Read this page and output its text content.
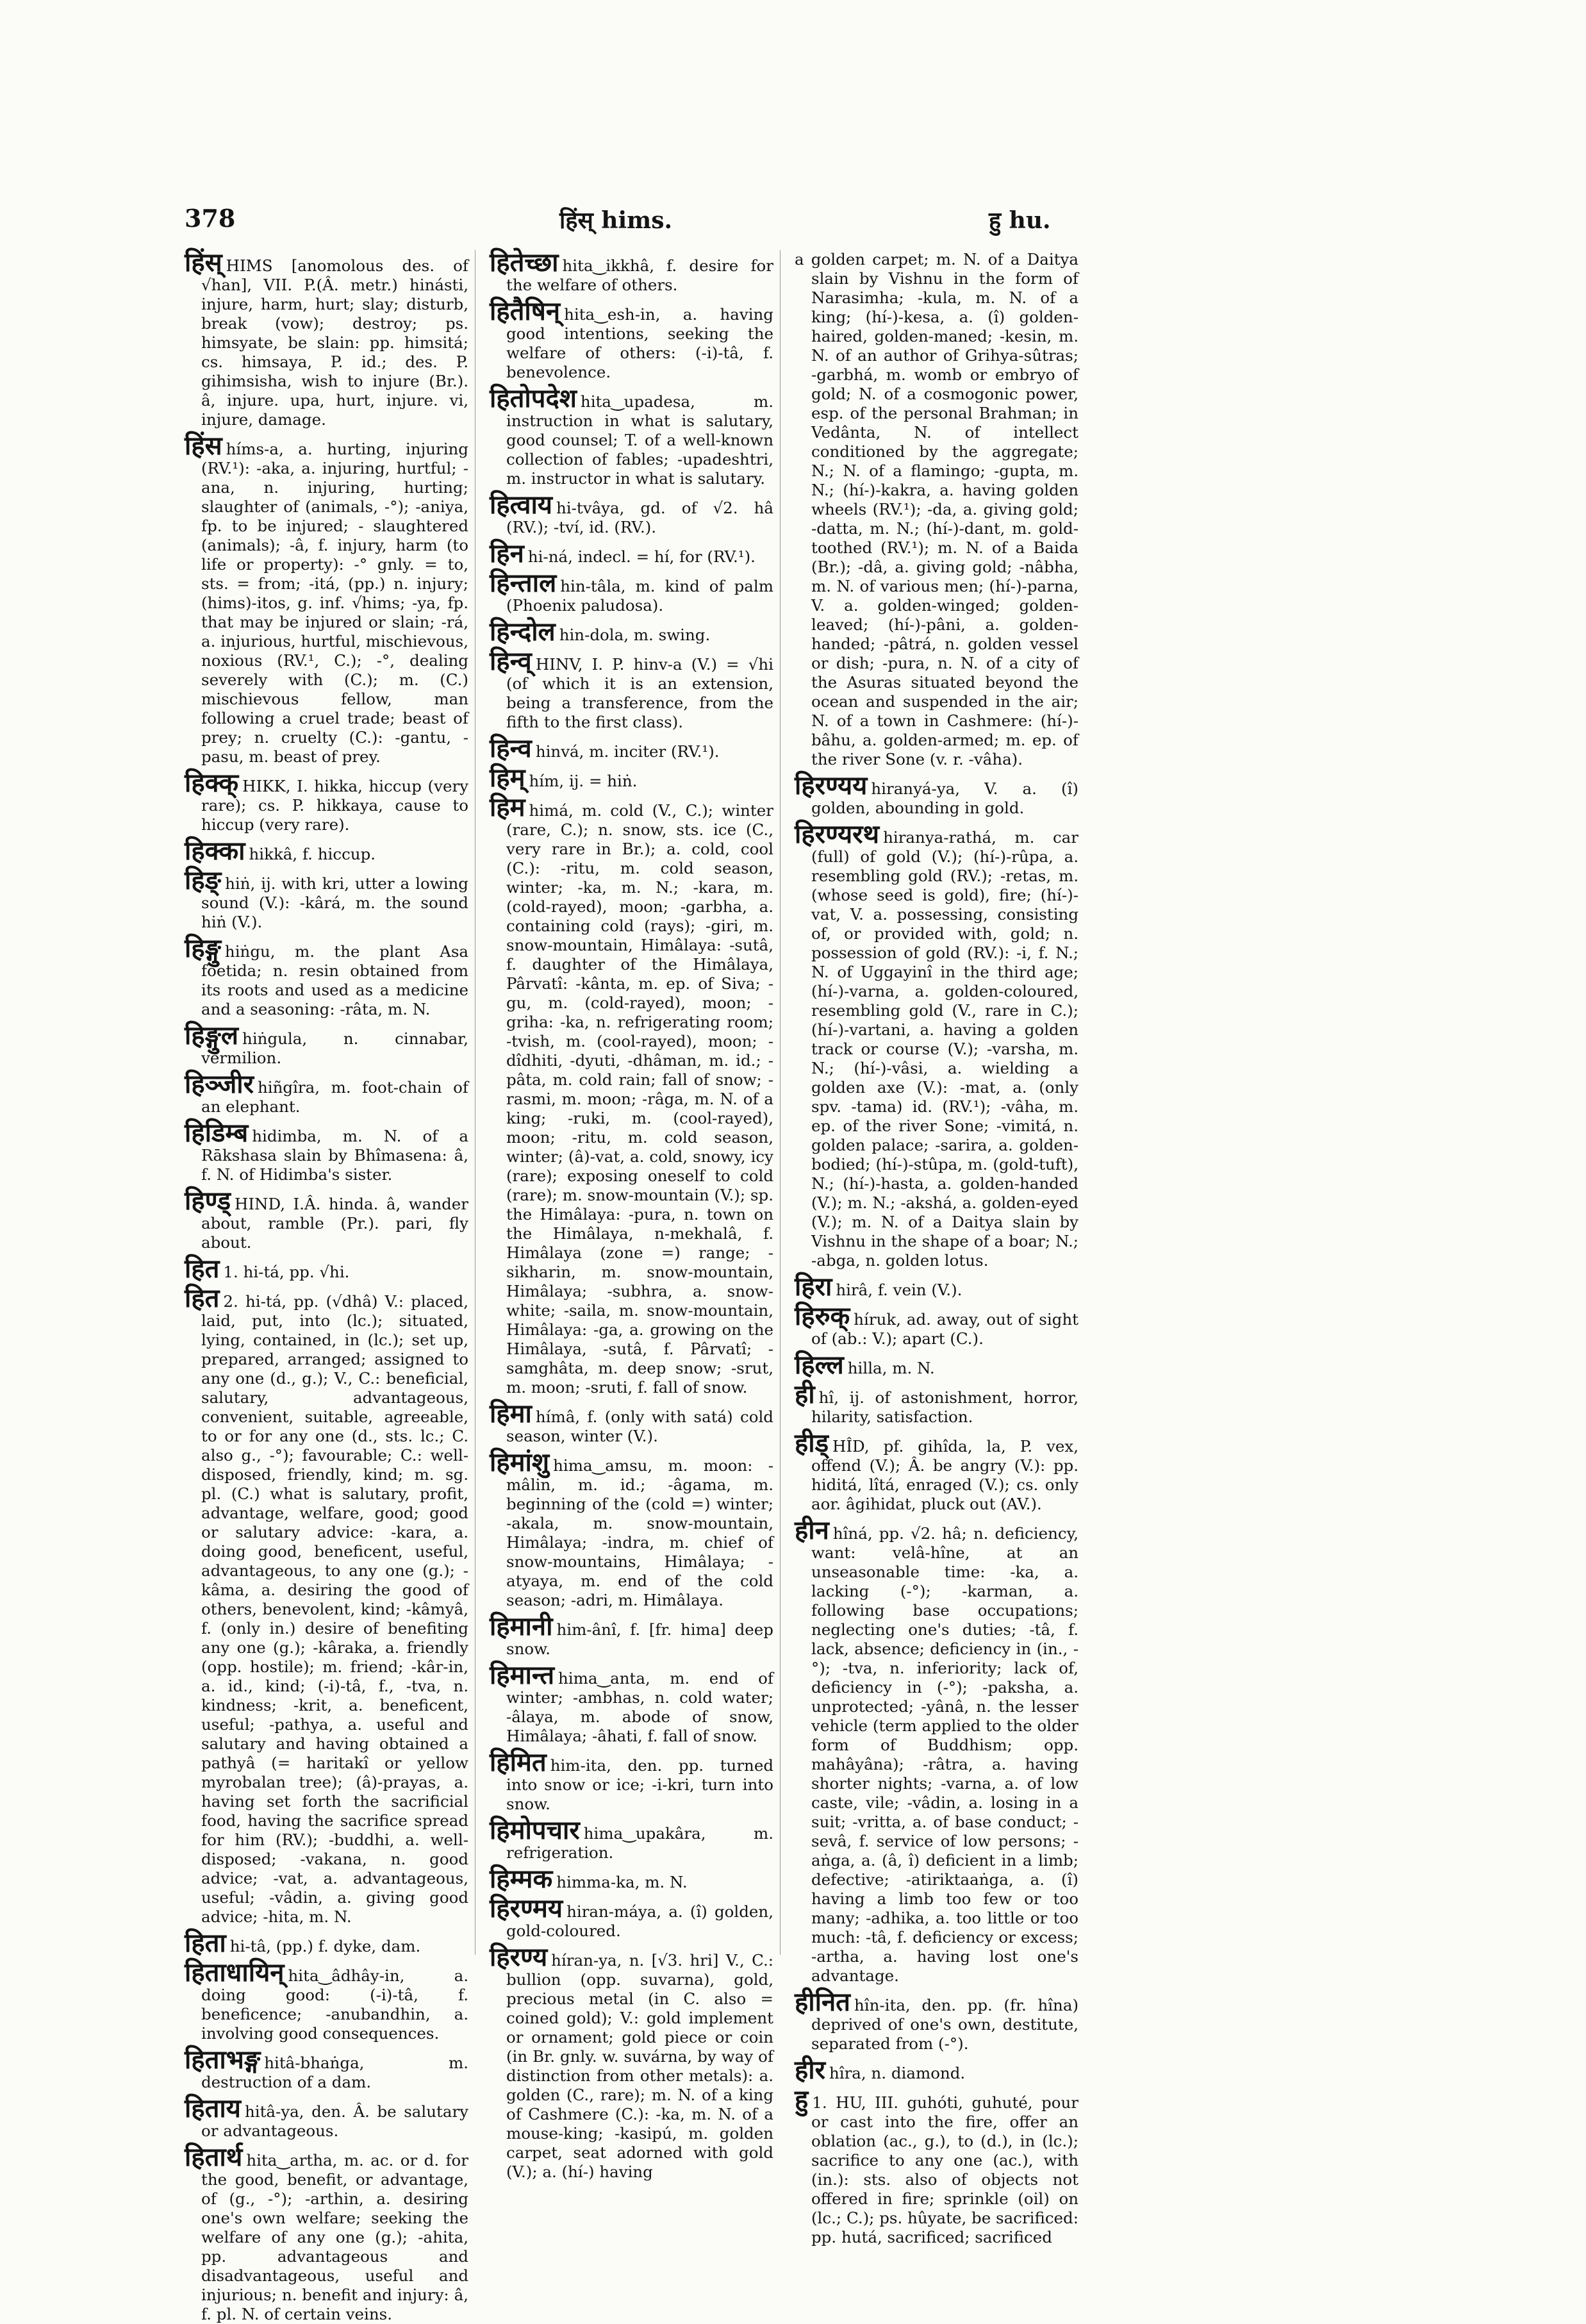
378	हिंस् hims.	हु hu.

हिंस् HIMS [anomolous des. of √han], VII. P.(Â. metr.) hinásti, injure, harm, hurt; slay; disturb, break (vow); destroy; ps. himsyate, be slain: pp. himsitá; cs. himsaya, P. id.; des. P. gihimsisha, wish to injure (Br.). â, injure. upa, hurt, injure. vi, injure, damage.

हिंस híms-a, a. hurting, injuring (RV.¹): -aka, a. injuring, hurtful; -ana, n. injuring, hurting; slaughter of (animals, -°); -aniya, fp. to be injured; - slaughtered (animals); -â, f. injury, harm (to life or property): -° gnly. = to, sts. = from; -itá, (pp.) n. injury; (hims)-itos, g. inf. √hims; -ya, fp. that may be injured or slain; -rá, a. injurious, hurtful, mischievous, noxious (RV.¹, C.); -°, dealing severely with (C.); m. (C.) mischievous fellow, man following a cruel trade; beast of prey; n. cruelty (C.): -gantu, -pasu, m. beast of prey.

हिक्क् HIKK, I. hikka, hiccup (very rare); cs. P. hikkaya, cause to hiccup (very rare).

हिक्का hikkâ, f. hiccup.

हिङ् hiṅ, ij. with kri, utter a lowing sound (V.): -kârá, m. the sound hiṅ (V.).

हिङ्गु hiṅgu, m. the plant Asa foetida; n. resin obtained from its roots and used as a medicine and a seasoning: -râta, m. N.

हिङ्गुल hiṅgula, n. cinnabar, vermilion.

हिञ्जीर hiñgîra, m. foot-chain of an elephant.

हिडिम्ब hidimba, m. N. of a Rākshasa slain by Bhîmasena: â, f. N. of Hidimba's sister.

हिण्ड् HIND, I.Â. hinda. â, wander about, ramble (Pr.). pari, fly about.

हित 1. hi-tá, pp. √hi.

हित 2. hi-tá, pp. (√dhâ) V.: placed, laid, put, into (lc.); situated, lying, contained, in (lc.); set up, prepared, arranged; assigned to any one (d., g.); V., C.: beneficial, salutary, advantageous, convenient, suitable, agreeable, to or for any one (d., sts. lc.; C. also g., -°); favourable; C.: well-disposed, friendly, kind; m. sg. pl. (C.) what is salutary, profit, advantage, welfare, good; good or salutary advice: -kara, a. doing good, beneficent, useful, advantageous, to any one (g.); -kâma, a. desiring the good of others, benevolent, kind; -kâmyâ, f. (only in.) desire of benefiting any one (g.); -kâraka, a. friendly (opp. hostile); m. friend; -kâr-in, a. id., kind; (-i)-tâ, f., -tva, n. kindness; -krit, a. beneficent, useful; -pathya, a. useful and salutary and having obtained a pathyâ (= haritakî or yellow myrobalan tree); (â)-prayas, a. having set forth the sacrificial food, having the sacrifice spread for him (RV.); -buddhi, a. well-disposed; -vakana, n. good advice; -vat, a. advantageous, useful; -vâdin, a. giving good advice; -hita, m. N.

हिता hi-tâ, (pp.) f. dyke, dam.

हिताधायिन् hita‿âdhây-in, a. doing good: (-i)-tâ, f. beneficence; -anubandhin, a. involving good consequences.

हिताभङ्ग hitâ-bhaṅga, m. destruction of a dam.

हिताय hitâ-ya, den. Â. be salutary or advantageous.

हितार्थ hita‿artha, m. ac. or d. for the good, benefit, or advantage, of (g., -°); -arthin, a. desiring one's own welfare; seeking the welfare of any one (g.); -ahita, pp. advantageous and disadvantageous, useful and injurious; n. benefit and injury: â, f. pl. N. of certain veins.

हितेच्छा hita‿ikkhâ, f. desire for the welfare of others.

हितैषिन् hita‿esh-in, a. having good intentions, seeking the welfare of others: (-i)-tâ, f. benevolence.

हितोपदेश hita‿upadesa, m. instruction in what is salutary, good counsel; T. of a well-known collection of fables; -upadeshtri, m. instructor in what is salutary.

हित्वाय hi-tvâya, gd. of √2. hâ (RV.); -tví, id. (RV.).

हिन hi-ná, indecl. = hí, for (RV.¹).

हिन्ताल hin-tâla, m. kind of palm (Phoenix paludosa).

हिन्दोल hin-dola, m. swing.

हिन्व् HINV, I. P. hinv-a (V.) = √hi (of which it is an extension, being a transference, from the fifth to the first class).

हिन्व hinvá, m. inciter (RV.¹).

हिम् hím, ij. = hiṅ.

हिम himá, m. cold (V., C.); winter (rare, C.); n. snow, sts. ice (C., very rare in Br.); a. cold, cool (C.): -ritu, m. cold season, winter; -ka, m. N.; -kara, m. (cold-rayed), moon; -garbha, a. containing cold (rays); -giri, m. snow-mountain, Himâlaya: -sutâ, f. daughter of the Himâlaya, Pârvatî: -kânta, m. ep. of Siva; -gu, m. (cold-rayed), moon; -griha: -ka, n. refrigerating room; -tvish, m. (cool-rayed), moon; -dîdhiti, -dyuti, -dhâman, m. id.; -pâta, m. cold rain; fall of snow; -rasmi, m. moon; -râga, m. N. of a king; -ruki, m. (cool-rayed), moon; -ritu, m. cold season, winter; (â)-vat, a. cold, snowy, icy (rare); exposing oneself to cold (rare); m. snow-mountain (V.); sp. the Himâlaya: -pura, n. town on the Himâlaya, n-mekhalâ, f. Himâlaya (zone =) range; -sikharin, m. snow-mountain, Himâlaya; -subhra, a. snow-white; -saila, m. snow-mountain, Himâlaya: -ga, a. growing on the Himâlaya, -sutâ, f. Pârvatî; -samghâta, m. deep snow; -srut, m. moon; -sruti, f. fall of snow.

हिमा hímâ, f. (only with satá) cold season, winter (V.).

हिमांशु hima‿amsu, m. moon: -mâlin, m. id.; -âgama, m. beginning of the (cold =) winter; -akala, m. snow-mountain, Himâlaya; -indra, m. chief of snow-mountains, Himâlaya; -atyaya, m. end of the cold season; -adri, m. Himâlaya.

हिमानी him-ânî, f. [fr. hima] deep snow.

हिमान्त hima‿anta, m. end of winter; -ambhas, n. cold water; -âlaya, m. abode of snow, Himâlaya; -âhati, f. fall of snow.

हिमित him-ita, den. pp. turned into snow or ice; -i-kri, turn into snow.

हिमोपचार hima‿upakâra, m. refrigeration.

हिम्मक himma-ka, m. N.

हिरण्मय hiran-máya, a. (î) golden, gold-coloured.

हिरण्य híran-ya, n. [√3. hri] V., C.: bullion (opp. suvarna), gold, precious metal (in C. also = coined gold); V.: gold implement or ornament; gold piece or coin (in Br. gnly. w. suvárna, by way of distinction from other metals): a. golden (C., rare); m. N. of a king of Cashmere (C.): -ka, m. N. of a mouse-king; -kasipú, m. golden carpet, seat adorned with gold (V.); a. (hí-) having

a golden carpet; m. N. of a Daitya slain by Vishnu in the form of Narasimha; -kula, m. N. of a king; (hí-)-kesa, a. (î) golden-haired, golden-maned; -kesin, m. N. of an author of Grihya-sûtras; -garbhá, m. womb or embryo of gold; N. of a cosmogonic power, esp. of the personal Brahman; in Vedânta, N. of intellect conditioned by the aggregate; N.; N. of a flamingo; -gupta, m. N.; (hí-)-kakra, a. having golden wheels (RV.¹); -da, a. giving gold; -datta, m. N.; (hí-)-dant, m. gold-toothed (RV.¹); m. N. of a Baida (Br.); -dâ, a. giving gold; -nâbha, m. N. of various men; (hí-)-parna, V. a. golden-winged; golden-leaved; (hí-)-pâni, a. golden-handed; -pâtrá, n. golden vessel or dish; -pura, n. N. of a city of the Asuras situated beyond the ocean and suspended in the air; N. of a town in Cashmere: (hí-)-bâhu, a. golden-armed; m. ep. of the river Sone (v. r. -vâha).

हिरण्यय hiranyá-ya, V. a. (î) golden, abounding in gold.

हिरण्यरथ hiranya-rathá, m. car (full) of gold (V.); (hí-)-rûpa, a. resembling gold (RV.); -retas, m. (whose seed is gold), fire; (hí-)-vat, V. a. possessing, consisting of, or provided with, gold; n. possession of gold (RV.): -i, f. N.; N. of Uggayinî in the third age; (hí-)-varna, a. golden-coloured, resembling gold (V., rare in C.); (hí-)-vartani, a. having a golden track or course (V.); -varsha, m. N.; (hí-)-vâsi, a. wielding a golden axe (V.): -mat, a. (only spv. -tama) id. (RV.¹); -vâha, m. ep. of the river Sone; -vimitá, n. golden palace; -sarira, a. golden-bodied; (hí-)-stûpa, m. (gold-tuft), N.; (hí-)-hasta, a. golden-handed (V.); m. N.; -akshá, a. golden-eyed (V.); m. N. of a Daitya slain by Vishnu in the shape of a boar; N.; -abga, n. golden lotus.

हिरा hirâ, f. vein (V.).

हिरुक् híruk, ad. away, out of sight of (ab.: V.); apart (C.).

हिल्ल hilla, m. N.

हीhî, ij. of astonishment, horror, hilarity, satisfaction.

हीड् HÎD, pf. gihîda, la, P. vex, offend (V.); Â. be angry (V.): pp. hiditá, lîtá, enraged (V.); cs. only aor. âgihidat, pluck out (AV.).

हीन hîná, pp. √2. hâ; n. deficiency, want: velâ-hîne, at an unseasonable time: -ka, a. lacking (-°); -karman, a. following base occupations; neglecting one's duties; -tâ, f. lack, absence; deficiency in (in., -°); -tva, n. inferiority; lack of, deficiency in (-°); -paksha, a. unprotected; -yânâ, n. the lesser vehicle (term applied to the older form of Buddhism; opp. mahâyâna); -râtra, a. having shorter nights; -varna, a. of low caste, vile; -vâdin, a. losing in a suit; -vritta, a. of base conduct; -sevâ, f. service of low persons; -aṅga, a. (â, î) deficient in a limb; defective; -atiriktaaṅga, a. (î) having a limb too few or too many; -adhika, a. too little or too much: -tâ, f. deficiency or excess; -artha, a. having lost one's advantage.

हीनित hîn-ita, den. pp. (fr. hîna) deprived of one's own, destitute, separated from (-°).

हीर hîra, n. diamond.

हु 1. HU, III. guhóti, guhuté, pour or cast into the fire, offer an oblation (ac., g.), to (d.), in (lc.); sacrifice to any one (ac.), with (in.): sts. also of objects not offered in fire; sprinkle (oil) on (lc.; C.); ps. hûyate, be sacrificed: pp. hutá, sacrificed; sacrificed
